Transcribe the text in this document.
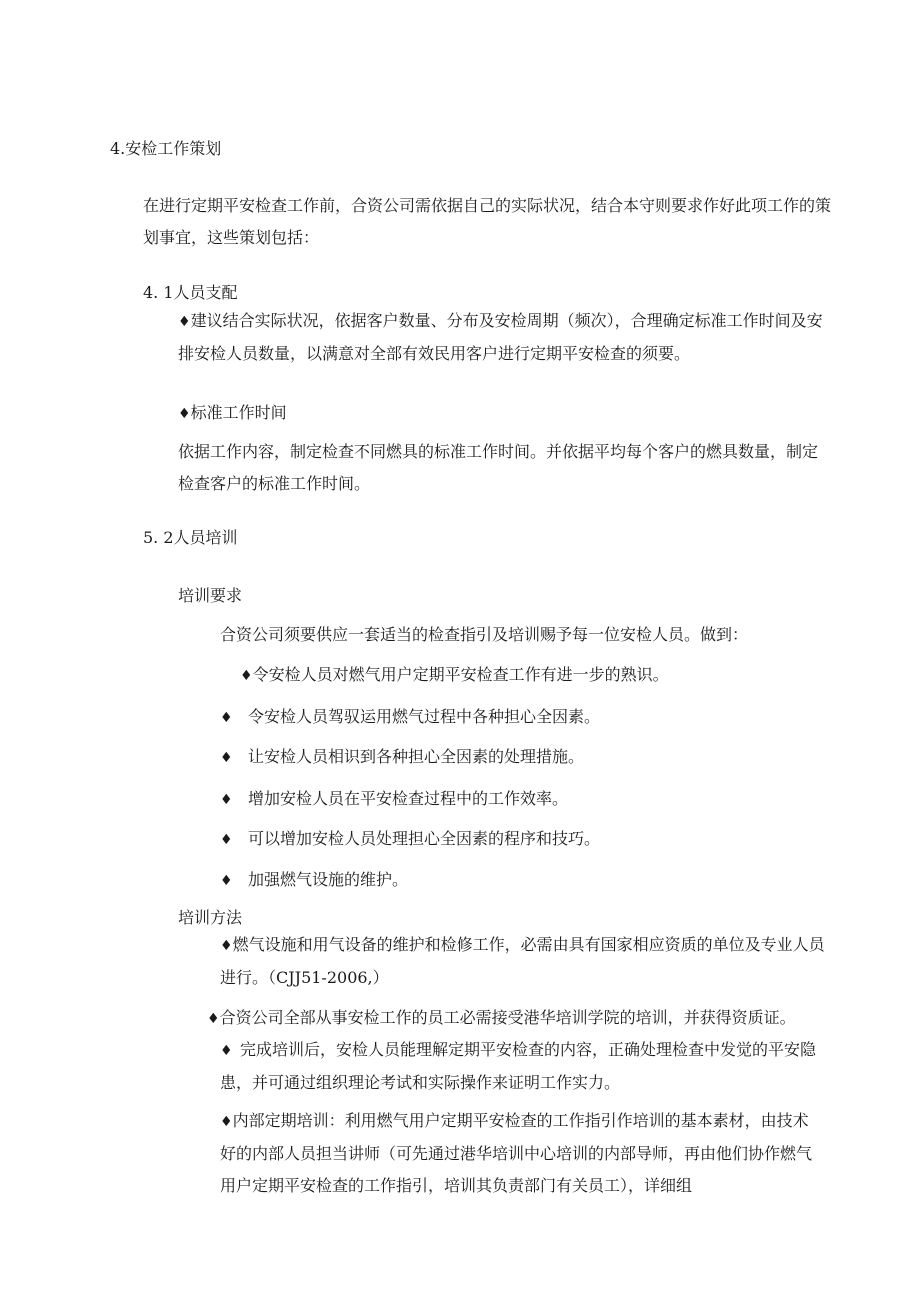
4.安检工作策划
在进行定期平安检查工作前，合资公司需依据自己的实际状况，结合本守则要求作好此项工作的策划事宜，这些策划包括：
4. 1人员支配
♦建议结合实际状况，依据客户数量、分布及安检周期（频次），合理确定标准工作时间及安排安检人员数量，以满意对全部有效民用客户进行定期平安检查的须要。
♦标准工作时间
依据工作内容，制定检查不同燃具的标准工作时间。并依据平均每个客户的燃具数量，制定检查客户的标准工作时间。
5. 2人员培训
培训要求
合资公司须要供应一套适当的检查指引及培训赐予每一位安检人员。做到：
♦令安检人员对燃气用户定期平安检查工作有进一步的熟识。
♦ 令安检人员驾驭运用燃气过程中各种担心全因素。
♦ 让安检人员相识到各种担心全因素的处理措施。
♦ 增加安检人员在平安检查过程中的工作效率。
♦ 可以增加安检人员处理担心全因素的程序和技巧。
♦ 加强燃气设施的维护。
培训方法
♦燃气设施和用气设备的维护和检修工作，必需由具有国家相应资质的单位及专业人员进行。（CJJ51-2006,）
♦合资公司全部从事安检工作的员工必需接受港华培训学院的培训，并获得资质证。
♦ 完成培训后，安检人员能理解定期平安检查的内容，正确处理检查中发觉的平安隐患，并可通过组织理论考试和实际操作来证明工作实力。
♦内部定期培训：利用燃气用户定期平安检查的工作指引作培训的基本素材，由技术好的内部人员担当讲师（可先通过港华培训中心培训的内部导师，再由他们协作燃气用户定期平安检查的工作指引，培训其负责部门有关员工），详细组
